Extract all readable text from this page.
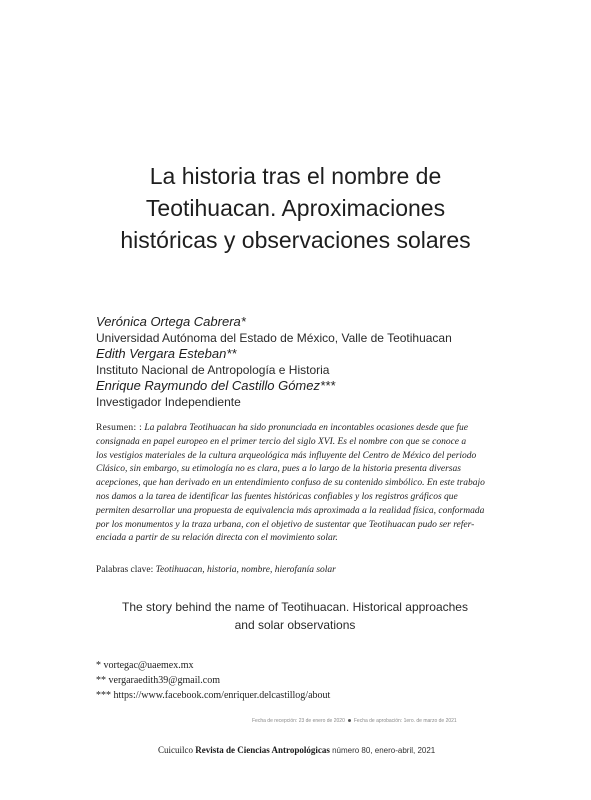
La historia tras el nombre de
Teotihuacan. Aproximaciones
históricas y observaciones solares
Verónica Ortega Cabrera*
Universidad Autónoma del Estado de México, Valle de Teotihuacan
Edith Vergara Esteban**
Instituto Nacional de Antropología e Historia
Enrique Raymundo del Castillo Gómez***
Investigador Independiente
Resumen: : La palabra Teotihuacan ha sido pronunciada en incontables ocasiones desde que fue
consignada en papel europeo en el primer tercio del siglo XVI. Es el nombre con que se conoce a
los vestigios materiales de la cultura arqueológica más influyente del Centro de México del periodo
Clásico, sin embargo, su etimología no es clara, pues a lo largo de la historia presenta diversas
acepciones, que han derivado en un entendimiento confuso de su contenido simbólico. En este trabajo
nos damos a la tarea de identificar las fuentes históricas confiables y los registros gráficos que
permiten desarrollar una propuesta de equivalencia más aproximada a la realidad física, conformada
por los monumentos y la traza urbana, con el objetivo de sustentar que Teotihuacan pudo ser refer-
enciada a partir de su relación directa con el movimiento solar.
Palabras clave: Teotihuacan, historia, nombre, hierofanía solar
The story behind the name of Teotihuacan. Historical approaches
and solar observations
* vortegac@uaemex.mx
** vergaraedith39@gmail.com
*** https://www.facebook.com/enriquer.delcastillog/about
Fecha de recepción: 23 de enero de 2020 Fecha de aprobación: 1ero. de marzo de 2021
Cuicuilco Revista de Ciencias Antropológicas número 80, enero-abril, 2021
